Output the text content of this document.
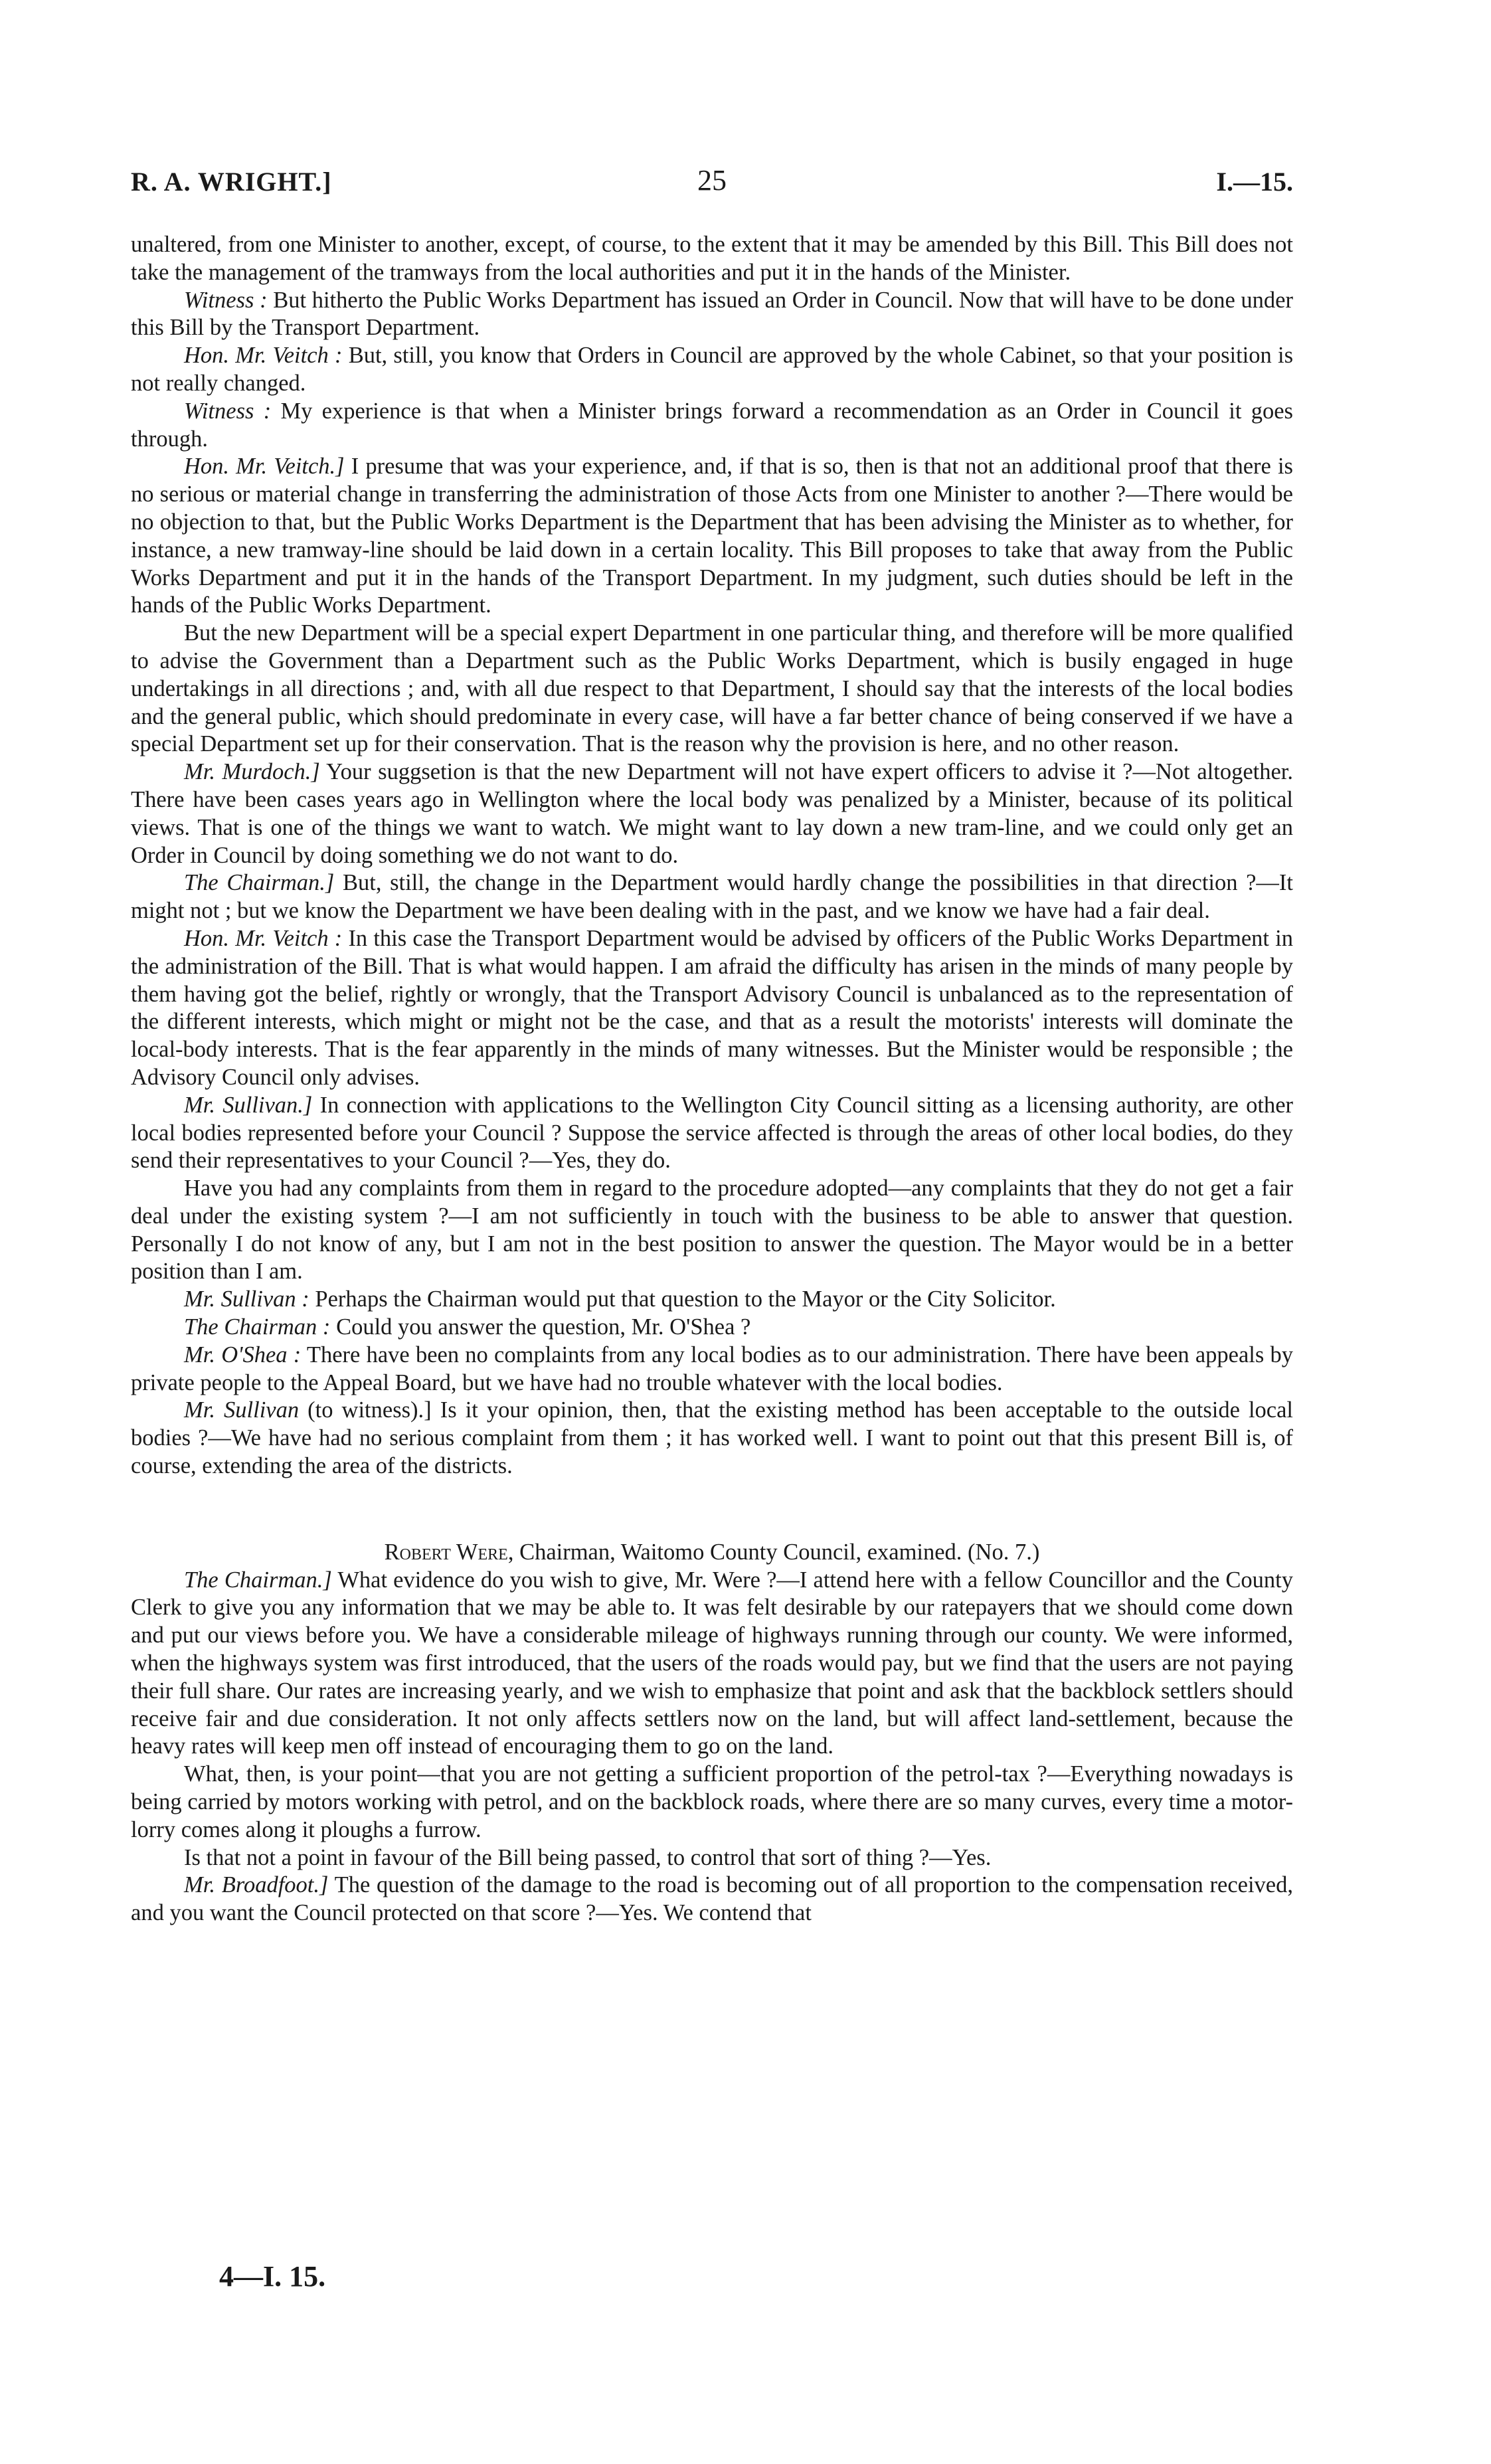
R. A. WRIGHT.]	25	I.—15.

unaltered, from one Minister to another, except, of course, to the extent that it may be amended by this Bill. This Bill does not take the management of the tramways from the local authorities and put it in the hands of the Minister.

Witness : But hitherto the Public Works Department has issued an Order in Council. Now that will have to be done under this Bill by the Transport Department.

Hon. Mr. Veitch : But, still, you know that Orders in Council are approved by the whole Cabinet, so that your position is not really changed.

Witness : My experience is that when a Minister brings forward a recommendation as an Order in Council it goes through.

Hon. Mr. Veitch.] I presume that was your experience, and, if that is so, then is that not an additional proof that there is no serious or material change in transferring the administration of those Acts from one Minister to another ?—There would be no objection to that, but the Public Works Department is the Department that has been advising the Minister as to whether, for instance, a new tramway-line should be laid down in a certain locality. This Bill proposes to take that away from the Public Works Department and put it in the hands of the Transport Department. In my judgment, such duties should be left in the hands of the Public Works Department.

But the new Department will be a special expert Department in one particular thing, and therefore will be more qualified to advise the Government than a Department such as the Public Works Department, which is busily engaged in huge undertakings in all directions ; and, with all due respect to that Department, I should say that the interests of the local bodies and the general public, which should predominate in every case, will have a far better chance of being conserved if we have a special Department set up for their conservation. That is the reason why the provision is here, and no other reason.

Mr. Murdoch.] Your suggsetion is that the new Department will not have expert officers to advise it ?—Not altogether. There have been cases years ago in Wellington where the local body was penalized by a Minister, because of its political views. That is one of the things we want to watch. We might want to lay down a new tram-line, and we could only get an Order in Council by doing something we do not want to do.

The Chairman.] But, still, the change in the Department would hardly change the possibilities in that direction ?—It might not ; but we know the Department we have been dealing with in the past, and we know we have had a fair deal.

Hon. Mr. Veitch : In this case the Transport Department would be advised by officers of the Public Works Department in the administration of the Bill. That is what would happen. I am afraid the difficulty has arisen in the minds of many people by them having got the belief, rightly or wrongly, that the Transport Advisory Council is unbalanced as to the representation of the different interests, which might or might not be the case, and that as a result the motorists' interests will dominate the local-body interests. That is the fear apparently in the minds of many witnesses. But the Minister would be responsible ; the Advisory Council only advises.

Mr. Sullivan.] In connection with applications to the Wellington City Council sitting as a licensing authority, are other local bodies represented before your Council ? Suppose the service affected is through the areas of other local bodies, do they send their representatives to your Council ?—Yes, they do.

Have you had any complaints from them in regard to the procedure adopted—any complaints that they do not get a fair deal under the existing system ?—I am not sufficiently in touch with the business to be able to answer that question. Personally I do not know of any, but I am not in the best position to answer the question. The Mayor would be in a better position than I am.

Mr. Sullivan : Perhaps the Chairman would put that question to the Mayor or the City Solicitor.

The Chairman : Could you answer the question, Mr. O'Shea ?

Mr. O'Shea : There have been no complaints from any local bodies as to our administration. There have been appeals by private people to the Appeal Board, but we have had no trouble whatever with the local bodies.

Mr. Sullivan (to witness).] Is it your opinion, then, that the existing method has been acceptable to the outside local bodies ?—We have had no serious complaint from them ; it has worked well. I want to point out that this present Bill is, of course, extending the area of the districts.

Robert Were, Chairman, Waitomo County Council, examined. (No. 7.)

The Chairman.] What evidence do you wish to give, Mr. Were ?—I attend here with a fellow Councillor and the County Clerk to give you any information that we may be able to. It was felt desirable by our ratepayers that we should come down and put our views before you. We have a considerable mileage of highways running through our county. We were informed, when the highways system was first introduced, that the users of the roads would pay, but we find that the users are not paying their full share. Our rates are increasing yearly, and we wish to emphasize that point and ask that the backblock settlers should receive fair and due consideration. It not only affects settlers now on the land, but will affect land-settlement, because the heavy rates will keep men off instead of encouraging them to go on the land.

What, then, is your point—that you are not getting a sufficient proportion of the petrol-tax ?—Everything nowadays is being carried by motors working with petrol, and on the backblock roads, where there are so many curves, every time a motor-lorry comes along it ploughs a furrow.

Is that not a point in favour of the Bill being passed, to control that sort of thing ?—Yes.

Mr. Broadfoot.] The question of the damage to the road is becoming out of all proportion to the compensation received, and you want the Council protected on that score ?—Yes. We contend that

4—I. 15.
